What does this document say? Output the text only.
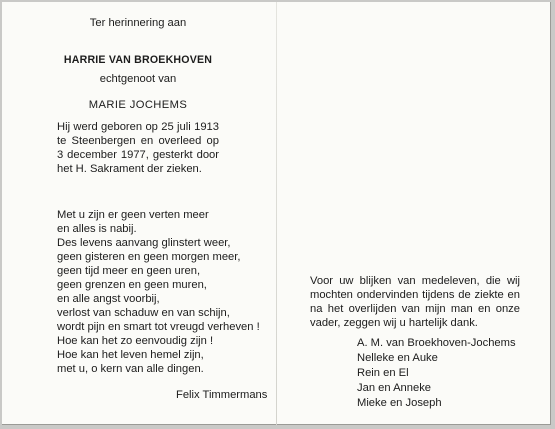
Ter herinnering aan
HARRIE VAN BROEKHOVEN
echtgenoot van
MARIE JOCHEMS
Hij werd geboren op 25 juli 1913 te Steenbergen en overleed op 3 december 1977, gesterkt door het H. Sakrament der zieken.
Met u zijn er geen verten meer
en alles is nabij.
Des levens aanvang glinstert weer,
geen gisteren en geen morgen meer,
geen tijd meer en geen uren,
geen grenzen en geen muren,
en alle angst voorbij,
verlost van schaduw en van schijn,
wordt pijn en smart tot vreugd verheven !
Hoe kan het zo eenvoudig zijn !
Hoe kan het leven hemel zijn,
met u, o kern van alle dingen.
Felix Timmermans
Voor uw blijken van medeleven, die wij mochten ondervinden tijdens de ziekte en na het overlijden van mijn man en onze vader, zeggen wij u hartelijk dank.
A. M. van Broekhoven-Jochems
Nelleke en Auke
Rein en El
Jan en Anneke
Mieke en Joseph
